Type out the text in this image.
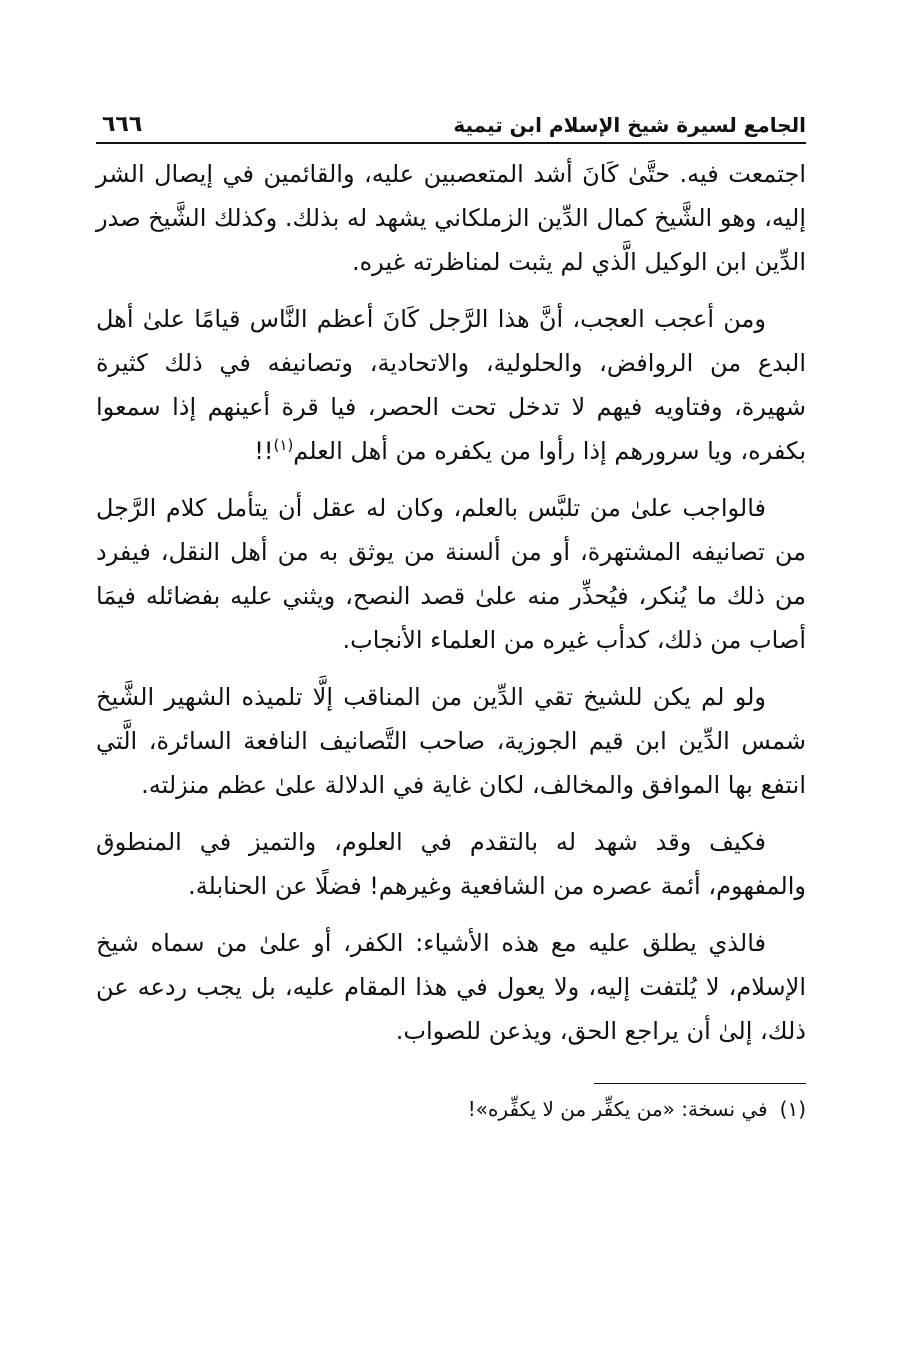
٦٦٦	الجامع لسيرة شيخ الإسلام ابن تيمية

اجتمعت فيه. حتَّىٰ كَانَ أشد المتعصبين عليه، والقائمين في إيصال الشر إليه، وهو الشَّيخ كمال الدِّين الزملكاني يشهد له بذلك. وكذلك الشَّيخ صدر الدِّين ابن الوكيل الَّذي لم يثبت لمناظرته غيره.

ومن أعجب العجب، أنَّ هذا الرَّجل كَانَ أعظم النَّاس قيامًا علىٰ أهل البدع من الروافض، والحلولية، والاتحادية، وتصانيفه في ذلك كثيرة شهيرة، وفتاويه فيهم لا تدخل تحت الحصر، فيا قرة أعينهم إذا سمعوا بكفره، ويا سرورهم إذا رأوا من يكفره من أهل العلم$^{(١)}$!!

فالواجب علىٰ من تلبَّس بالعلم، وكان له عقل أن يتأمل كلام الرَّجل من تصانيفه المشتهرة، أو من ألسنة من يوثق به من أهل النقل، فيفرد من ذلك ما يُنكر، فيُحذِّر منه علىٰ قصد النصح، ويثني عليه بفضائله فيمَا أصاب من ذلك، كدأب غيره من العلماء الأنجاب.

ولو لم يكن للشيخ تقي الدِّين من المناقب إلَّا تلميذه الشهير الشَّيخ شمس الدِّين ابن قيم الجوزية، صاحب التَّصانيف النافعة السائرة، الَّتي انتفع بها الموافق والمخالف، لكان غاية في الدلالة علىٰ عظم منزلته.

فكيف وقد شهد له بالتقدم في العلوم، والتميز في المنطوق والمفهوم، أئمة عصره من الشافعية وغيرهم! فضلًا عن الحنابلة.

فالذي يطلق عليه مع هذه الأشياء: الكفر، أو علىٰ من سماه شيخ الإسلام، لا يُلتفت إليه، ولا يعول في هذا المقام عليه، بل يجب ردعه عن ذلك، إلىٰ أن يراجع الحق، ويذعن للصواب.

(١)في نسخة: «من يكفِّر من لا يكفِّره»!
